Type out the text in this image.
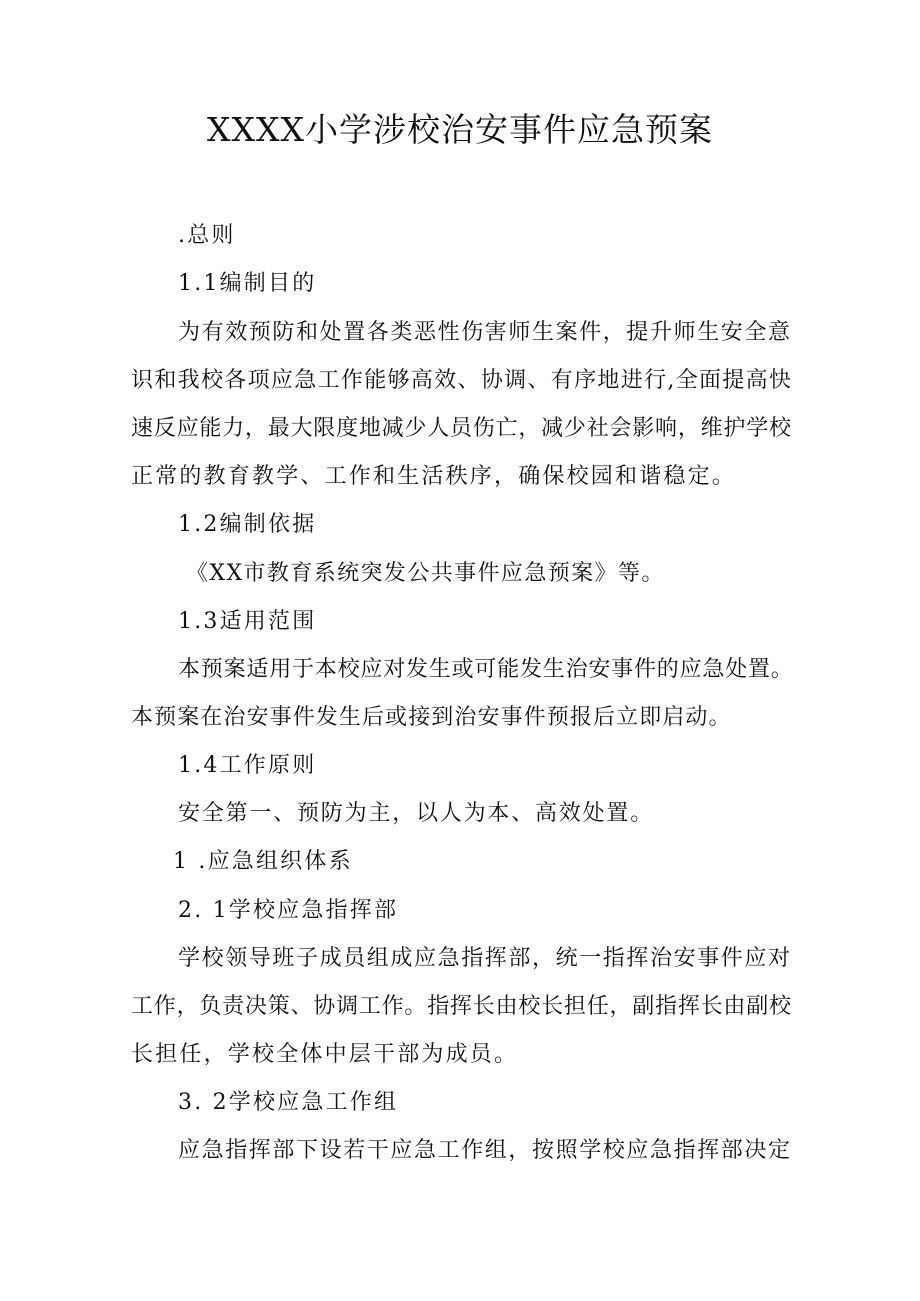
XXXX小学涉校治安事件应急预案

.总则

1.1编制目的

为有效预防和处置各类恶性伤害师生案件，提升师生安全意

识和我校各项应急工作能够高效、协调、有序地进行,全面提高快

速反应能力，最大限度地减少人员伤亡，减少社会影响，维护学校

正常的教育教学、工作和生活秩序，确保校园和谐稳定。

1.2编制依据

《XX市教育系统突发公共事件应急预案》等。

1.3适用范围

本预案适用于本校应对发生或可能发生治安事件的应急处置。

本预案在治安事件发生后或接到治安事件预报后立即启动。

1.4工作原则

安全第一、预防为主，以人为本、高效处置。

1 .应急组织体系

2. 1学校应急指挥部

学校领导班子成员组成应急指挥部，统一指挥治安事件应对

工作，负责决策、协调工作。指挥长由校长担任，副指挥长由副校

长担任，学校全体中层干部为成员。

3. 2学校应急工作组

应急指挥部下设若干应急工作组，按照学校应急指挥部决定
